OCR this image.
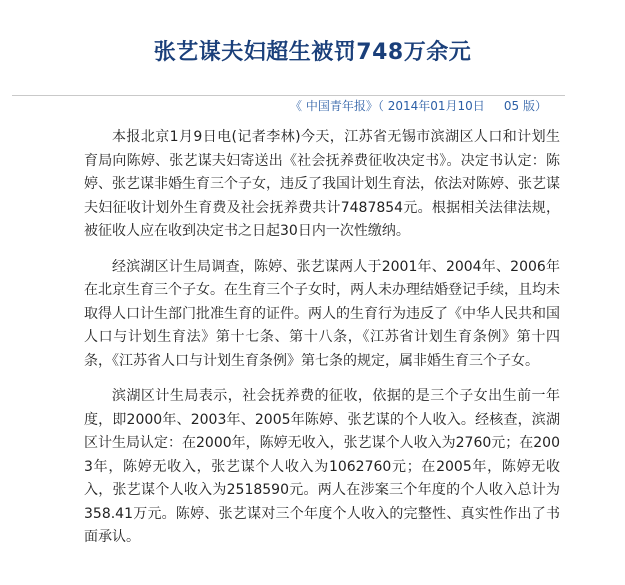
张艺谋夫妇超生被罚748万余元
《 中国青年报》（ 2014年01月10日 05 版）

本报北京1月9日电(记者李林)今天，江苏省无锡市滨湖区人口和计划生育局向陈婷、张艺谋夫妇寄送出《社会抚养费征收决定书》。决定书认定：陈婷、张艺谋非婚生育三个子女，违反了我国计划生育法，依法对陈婷、张艺谋夫妇征收计划外生育费及社会抚养费共计7487854元。根据相关法律法规，被征收人应在收到决定书之日起30日内一次性缴纳。

经滨湖区计生局调查，陈婷、张艺谋两人于2001年、2004年、2006年在北京生育三个子女。在生育三个子女时，两人未办理结婚登记手续，且均未取得人口计生部门批准生育的证件。两人的生育行为违反了《中华人民共和国人口与计划生育法》第十七条、第十八条，《江苏省计划生育条例》第十四条，《江苏省人口与计划生育条例》第七条的规定，属非婚生育三个子女。

滨湖区计生局表示，社会抚养费的征收，依据的是三个子女出生前一年度，即2000年、2003年、2005年陈婷、张艺谋的个人收入。经核查，滨湖区计生局认定：在2000年，陈婷无收入，张艺谋个人收入为2760元；在2003年，陈婷无收入，张艺谋个人收入为1062760元；在2005年，陈婷无收入，张艺谋个人收入为2518590元。两人在涉案三个年度的个人收入总计为358.41万元。陈婷、张艺谋对三个年度个人收入的完整性、真实性作出了书面承认。
